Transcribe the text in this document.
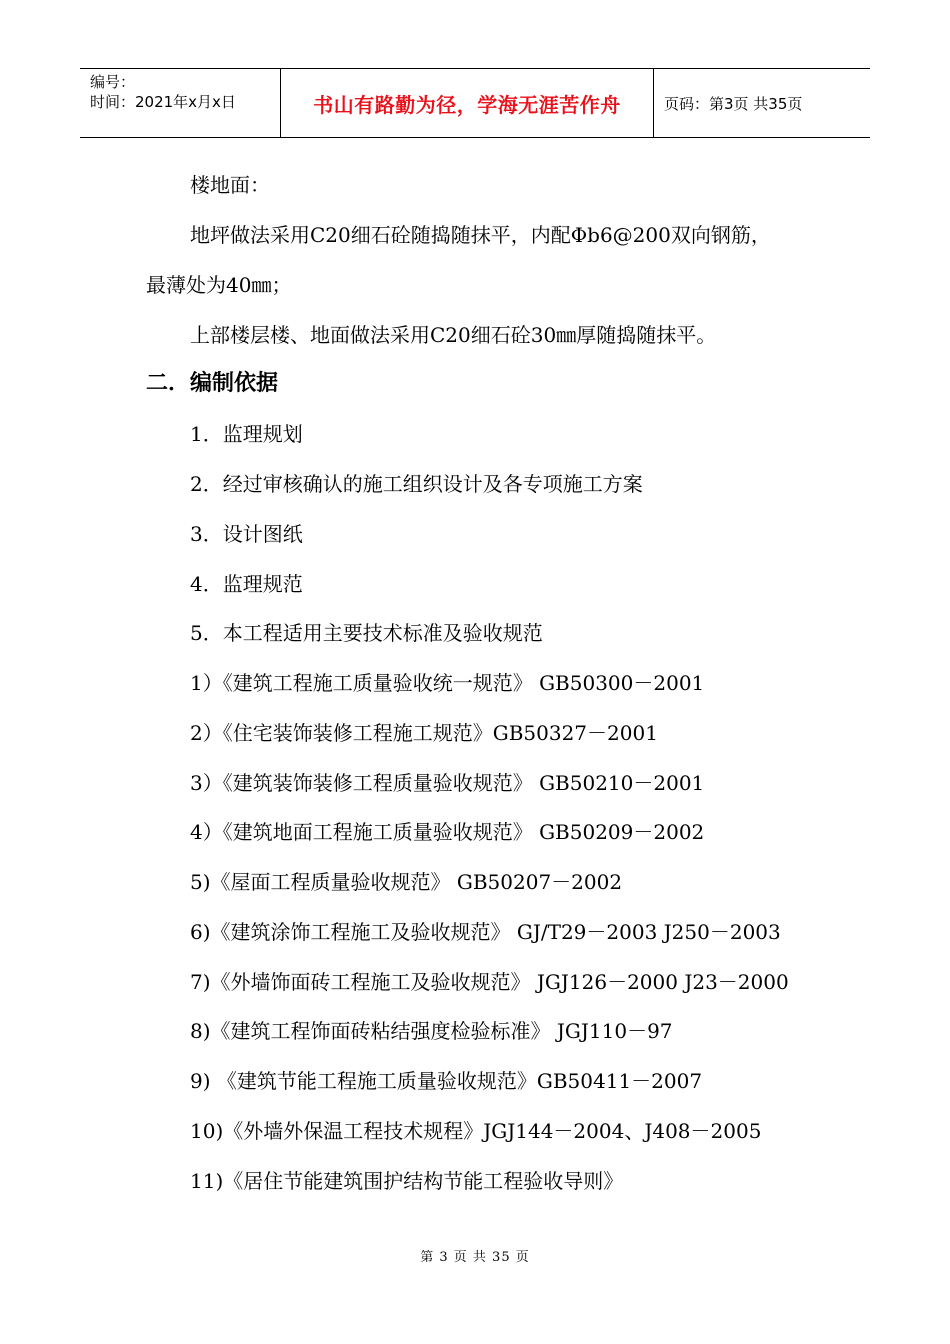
编号：
时间：2021年x月x日	书山有路勤为径，学海无涯苦作舟	页码：第3页 共35页
楼地面：
地坪做法采用C20细石砼随捣随抹平，内配Φb6@200双向钢筋，
最薄处为40㎜；
上部楼层楼、地面做法采用C20细石砼30㎜厚随捣随抹平。
二．编制依据
1．监理规划
2．经过审核确认的施工组织设计及各专项施工方案
3．设计图纸
4．监理规范
5．本工程适用主要技术标准及验收规范
1）《建筑工程施工质量验收统一规范》 GB50300－2001
2）《住宅装饰装修工程施工规范》GB50327－2001
3）《建筑装饰装修工程质量验收规范》 GB50210－2001
4）《建筑地面工程施工质量验收规范》 GB50209－2002
5)《屋面工程质量验收规范》 GB50207－2002
6)《建筑涂饰工程施工及验收规范》 GJ/T29－2003 J250－2003
7)《外墙饰面砖工程施工及验收规范》 JGJ126－2000 J23－2000
8)《建筑工程饰面砖粘结强度检验标准》 JGJ110－97
9) 《建筑节能工程施工质量验收规范》GB50411－2007
10)《外墙外保温工程技术规程》JGJ144－2004、J408－2005
11)《居住节能建筑围护结构节能工程验收导则》
第 3 页 共 35 页
